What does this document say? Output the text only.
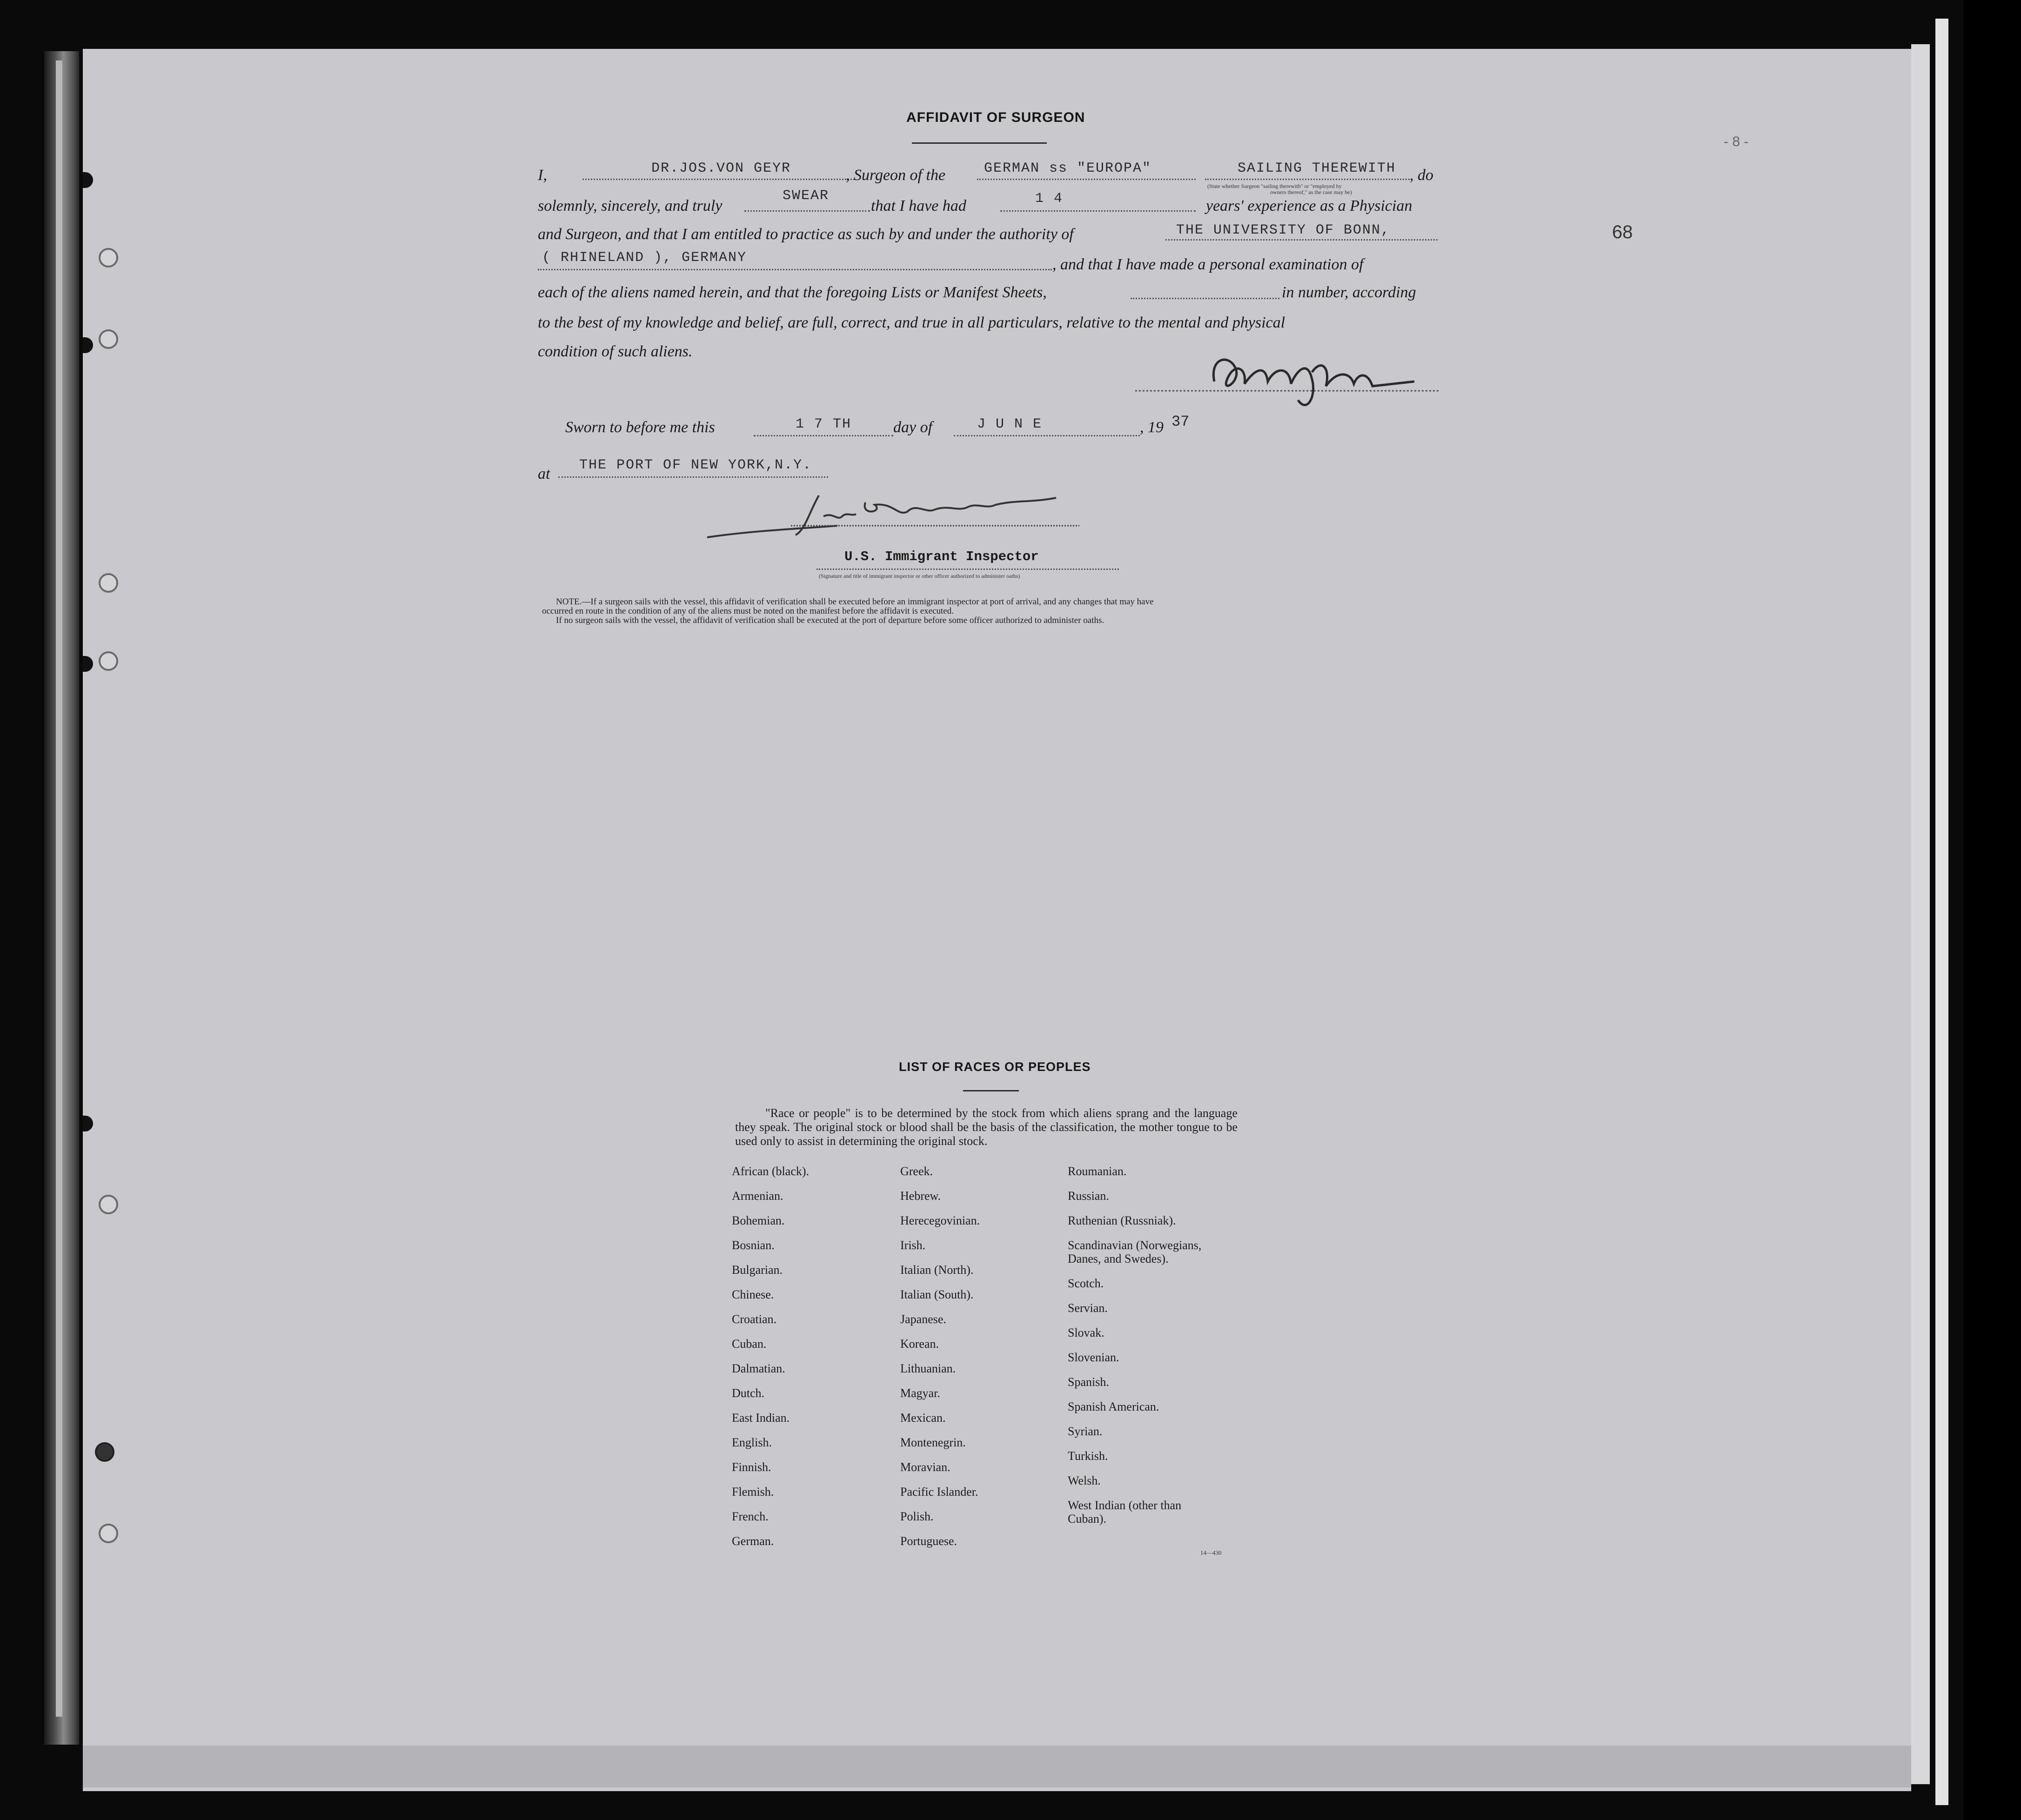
- 8 -
68
AFFIDAVIT OF SURGEON
I,	DR.JOS.VON GEYR	, Surgeon of the	GERMAN ss "EUROPA"	SAILING THEREWITH , do
(State whether Surgeon "sailing therewith" or "employed by
owners thereof," as the case may be)
solemnly, sincerely, and truly
SWEAR
that I have had	1 4	years' experience as a Physician
and Surgeon, and that I am entitled to practice as such by and under the authority of	THE UNIVERSITY OF BONN,
( RHINELAND ), GERMANY	, and that I have made a personal examination of
each of the aliens named herein, and that the foregoing Lists or Manifest Sheets,	in number, according
to the best of my knowledge and belief, are full, correct, and true in all particulars, relative to the mental and physical
condition of such aliens.
Sworn to before me this	1 7 TH	day of	J U N E	, 19 37
at THE PORT OF NEW YORK,N.Y.
U.S. Immigrant Inspector
(Signature and title of immigrant inspector or other officer authorized to administer oaths)
NOTE.—If a surgeon sails with the vessel, this affidavit of verification shall be executed before an immigrant inspector at port of arrival, and any changes that may have
occurred en route in the condition of any of the aliens must be noted on the manifest before the affidavit is executed.
If no surgeon sails with the vessel, the affidavit of verification shall be executed at the port of departure before some officer authorized to administer oaths.
LIST OF RACES OR PEOPLES
"Race or people" is to be determined by the stock from which aliens sprang and the language they speak. The original stock or blood shall be the basis of the classification, the mother tongue to be used only to assist in determining the original stock.
African (black).
Armenian.
Bohemian.
Bosnian.
Bulgarian.
Chinese.
Croatian.
Cuban.
Dalmatian.
Dutch.
East Indian.
English.
Finnish.
Flemish.
French.
German.
Greek.
Hebrew.
Herecegovinian.
Irish.
Italian (North).
Italian (South).
Japanese.
Korean.
Lithuanian.
Magyar.
Mexican.
Montenegrin.
Moravian.
Pacific Islander.
Polish.
Portuguese.
Roumanian.
Russian.
Ruthenian (Russniak).
Scandinavian (Norwegians,
Danes, and Swedes).
Scotch.
Servian.
Slovak.
Slovenian.
Spanish.
Spanish American.
Syrian.
Turkish.
Welsh.
West Indian (other than
Cuban).
14—430
